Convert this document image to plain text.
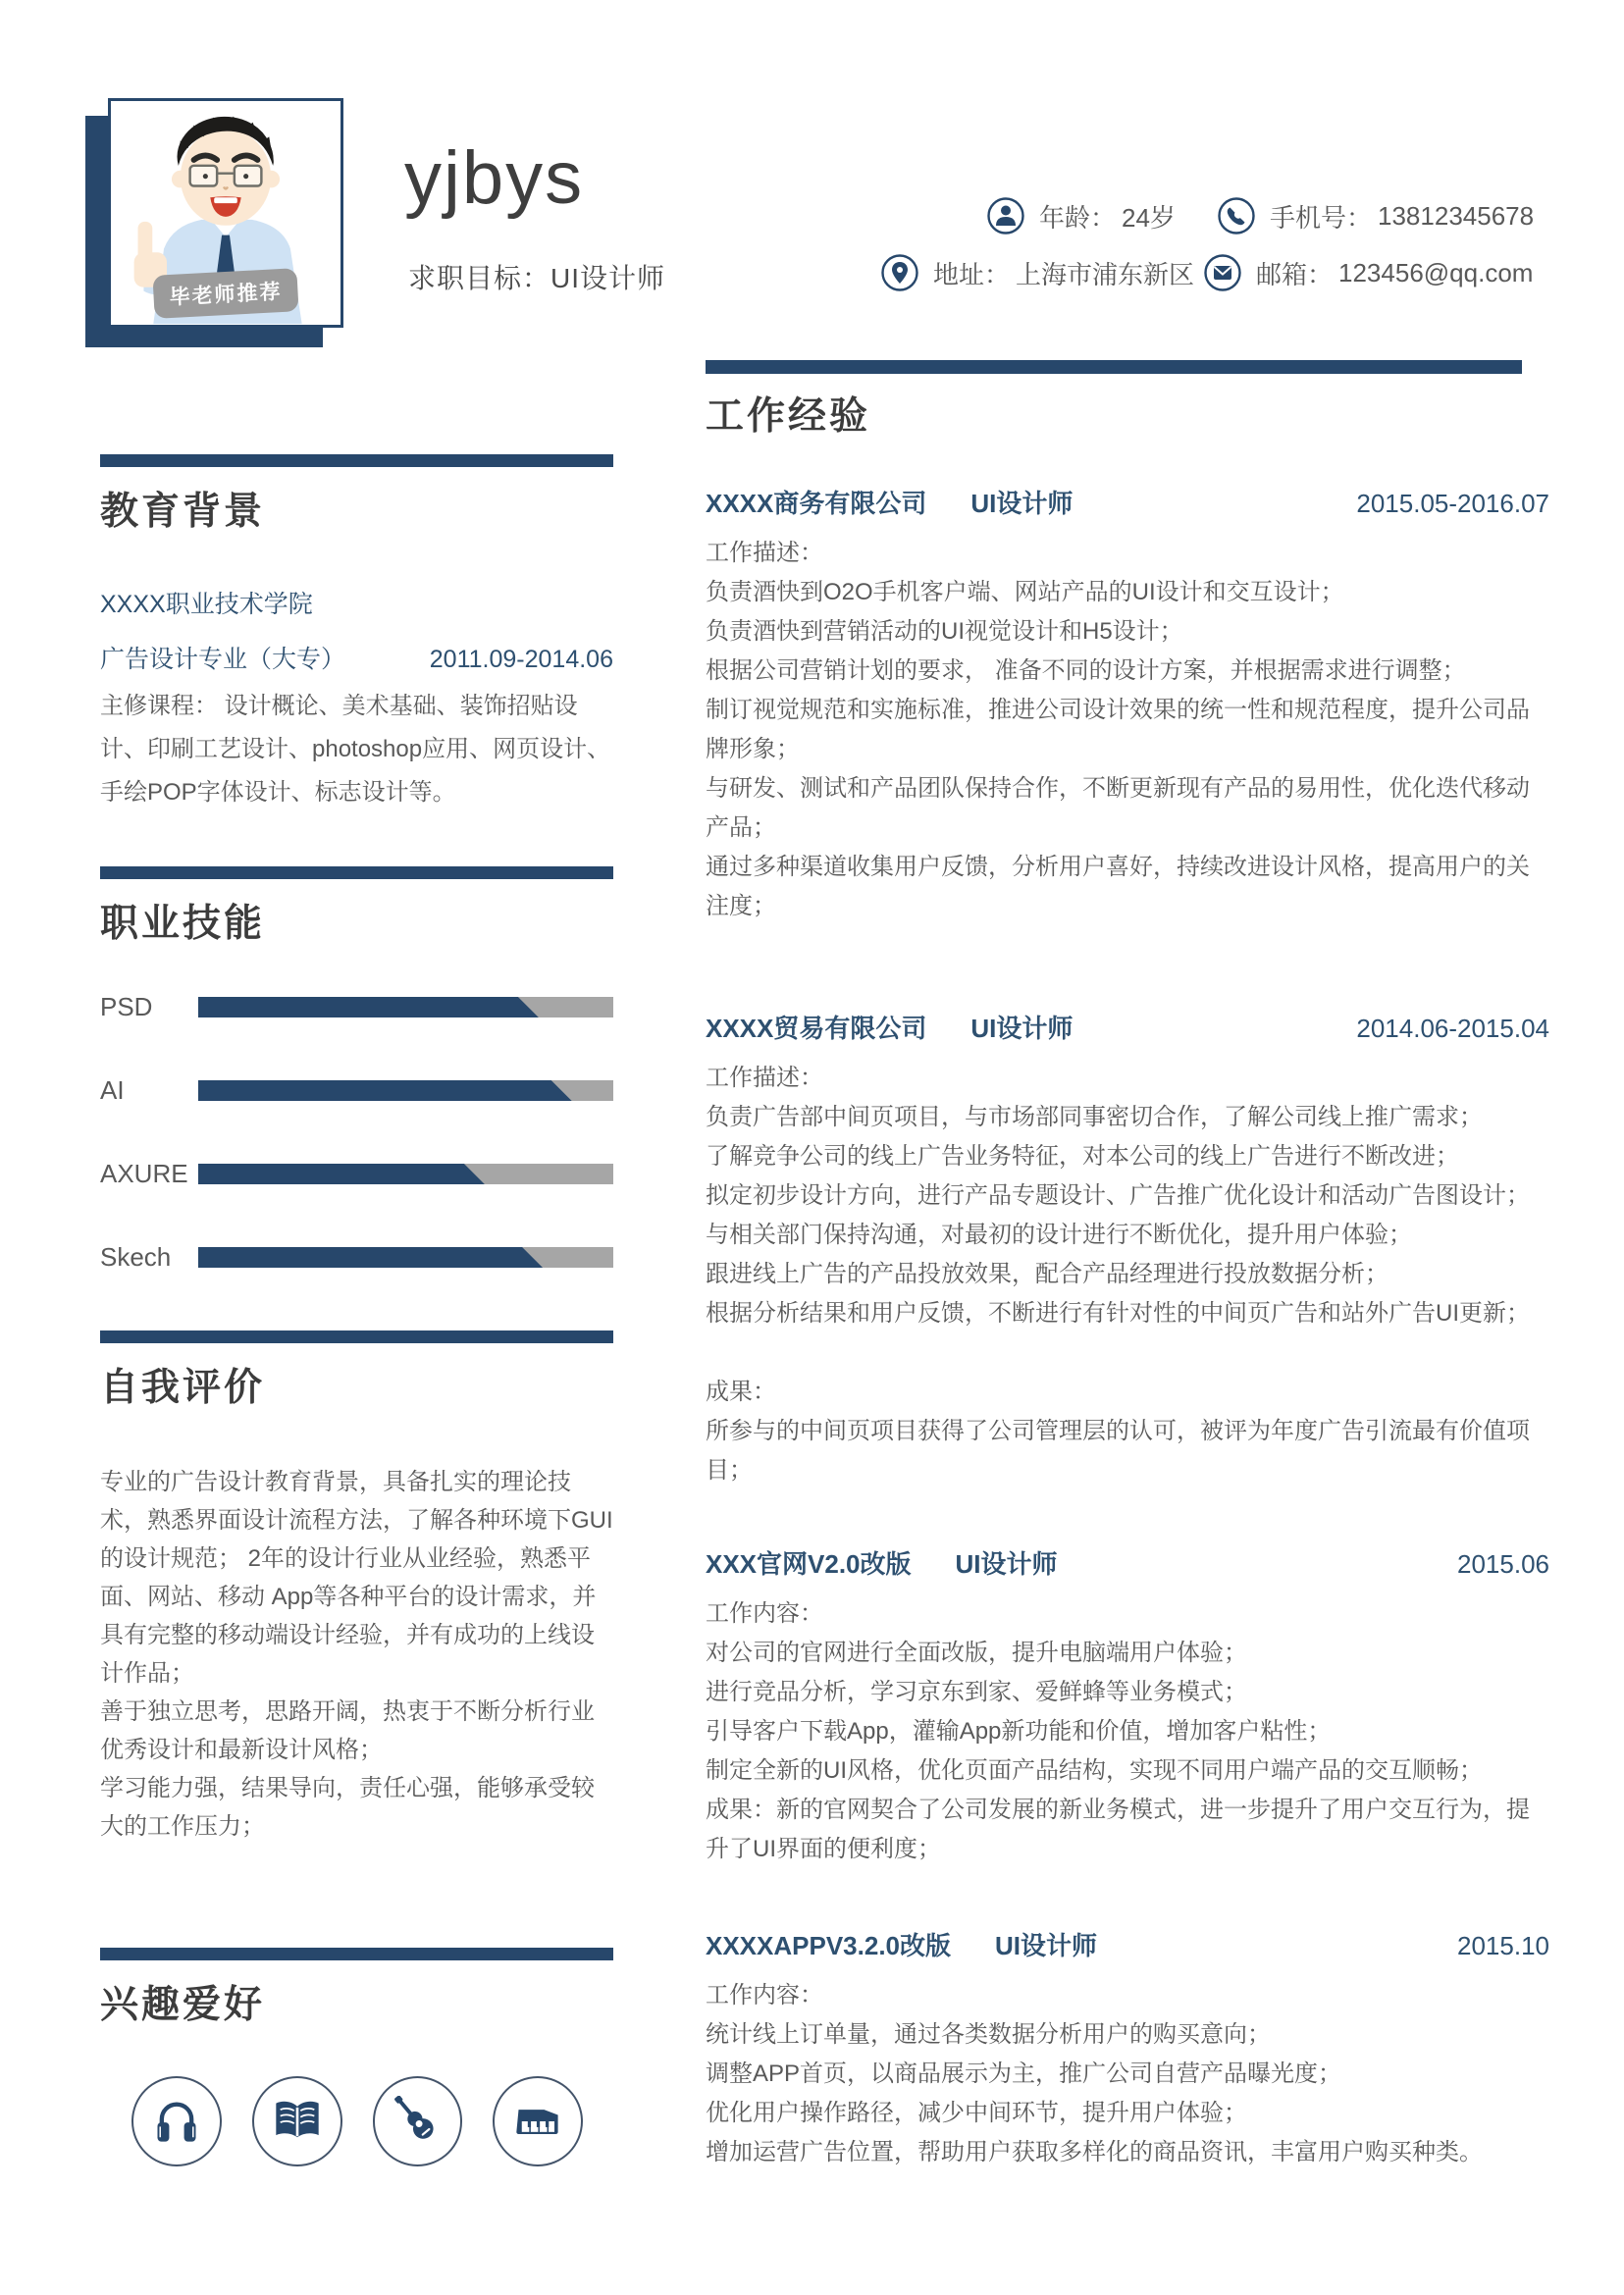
毕老师推荐
yjbys
求职目标：UI设计师
年龄： 24岁	手机号： 13812345678
地址： 上海市浦东新区 邮箱： 123456@qq.com
教育背景
XXXX职业技术学院
广告设计专业（大专）	2011.09-2014.06
主修课程： 设计概论、美术基础、装饰招贴设计、印刷工艺设计、photoshop应用、网页设计、手绘POP字体设计、标志设计等。
职业技能
PSD
AI
AXURE
Skech
自我评价
专业的广告设计教育背景，具备扎实的理论技术，熟悉界面设计流程方法，了解各种环境下GUI的设计规范； 2年的设计行业从业经验，熟悉平面、网站、移动 App等各种平台的设计需求，并具有完整的移动端设计经验，并有成功的上线设计作品；
善于独立思考，思路开阔，热衷于不断分析行业优秀设计和最新设计风格；
学习能力强，结果导向，责任心强，能够承受较大的工作压力；
兴趣爱好
工作经验
XXXX商务有限公司 UI设计师	2015.05-2016.07
工作描述：
负责酒快到O2O手机客户端、网站产品的UI设计和交互设计；
负责酒快到营销活动的UI视觉设计和H5设计；
根据公司营销计划的要求， 准备不同的设计方案，并根据需求进行调整；
制订视觉规范和实施标准，推进公司设计效果的统一性和规范程度，提升公司品牌形象；
与研发、测试和产品团队保持合作，不断更新现有产品的易用性，优化迭代移动产品；
通过多种渠道收集用户反馈，分析用户喜好，持续改进设计风格，提高用户的关注度；
XXXX贸易有限公司 UI设计师	2014.06-2015.04
工作描述：
负责广告部中间页项目，与市场部同事密切合作，了解公司线上推广需求；
了解竞争公司的线上广告业务特征，对本公司的线上广告进行不断改进；
拟定初步设计方向，进行产品专题设计、广告推广优化设计和活动广告图设计；
与相关部门保持沟通，对最初的设计进行不断优化，提升用户体验；
跟进线上广告的产品投放效果，配合产品经理进行投放数据分析；
根据分析结果和用户反馈，不断进行有针对性的中间页广告和站外广告UI更新；
成果：
所参与的中间页项目获得了公司管理层的认可，被评为年度广告引流最有价值项目；
XXX官网V2.0改版 UI设计师	2015.06
工作内容：
对公司的官网进行全面改版，提升电脑端用户体验；
进行竞品分析，学习京东到家、爱鲜蜂等业务模式；
引导客户下载App，灌输App新功能和价值，增加客户粘性；
制定全新的UI风格，优化页面产品结构，实现不同用户端产品的交互顺畅；
成果：新的官网契合了公司发展的新业务模式，进一步提升了用户交互行为，提升了UI界面的便利度；
XXXXAPPV3.2.0改版 UI设计师	2015.10
工作内容：
统计线上订单量，通过各类数据分析用户的购买意向；
调整APP首页，以商品展示为主，推广公司自营产品曝光度；
优化用户操作路径，减少中间环节，提升用户体验；
增加运营广告位置，帮助用户获取多样化的商品资讯，丰富用户购买种类。
